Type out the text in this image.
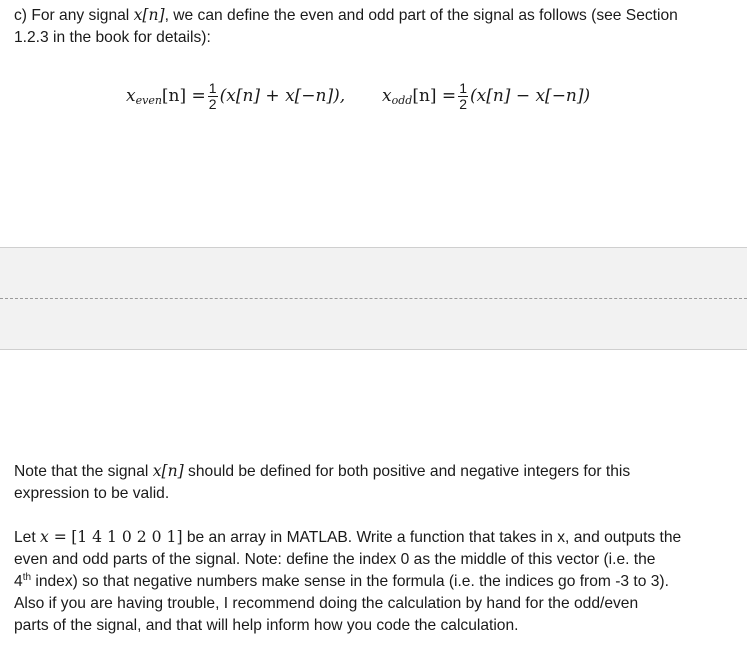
c) For any signal x[n], we can define the even and odd part of the signal as follows (see Section
1.2.3 in the book for details):
x even $[n] = \frac{1}{2} (x[n] + x[-n])$, x odd $[n] = \frac{1}{2} (x[n] - x[-n])$
Note that the signal x[n] should be defined for both positive and negative integers for this
expression to be valid.
Let x = [1 4 1 0 2 0 1] be an array in MATLAB. Write a function that takes in x, and outputs the
even and odd parts of the signal. Note: define the index 0 as the middle of this vector (i.e. the
4th index) so that negative numbers make sense in the formula (i.e. the indices go from -3 to 3).
Also if you are having trouble, I recommend doing the calculation by hand for the odd/even
parts of the signal, and that will help inform how you code the calculation.
